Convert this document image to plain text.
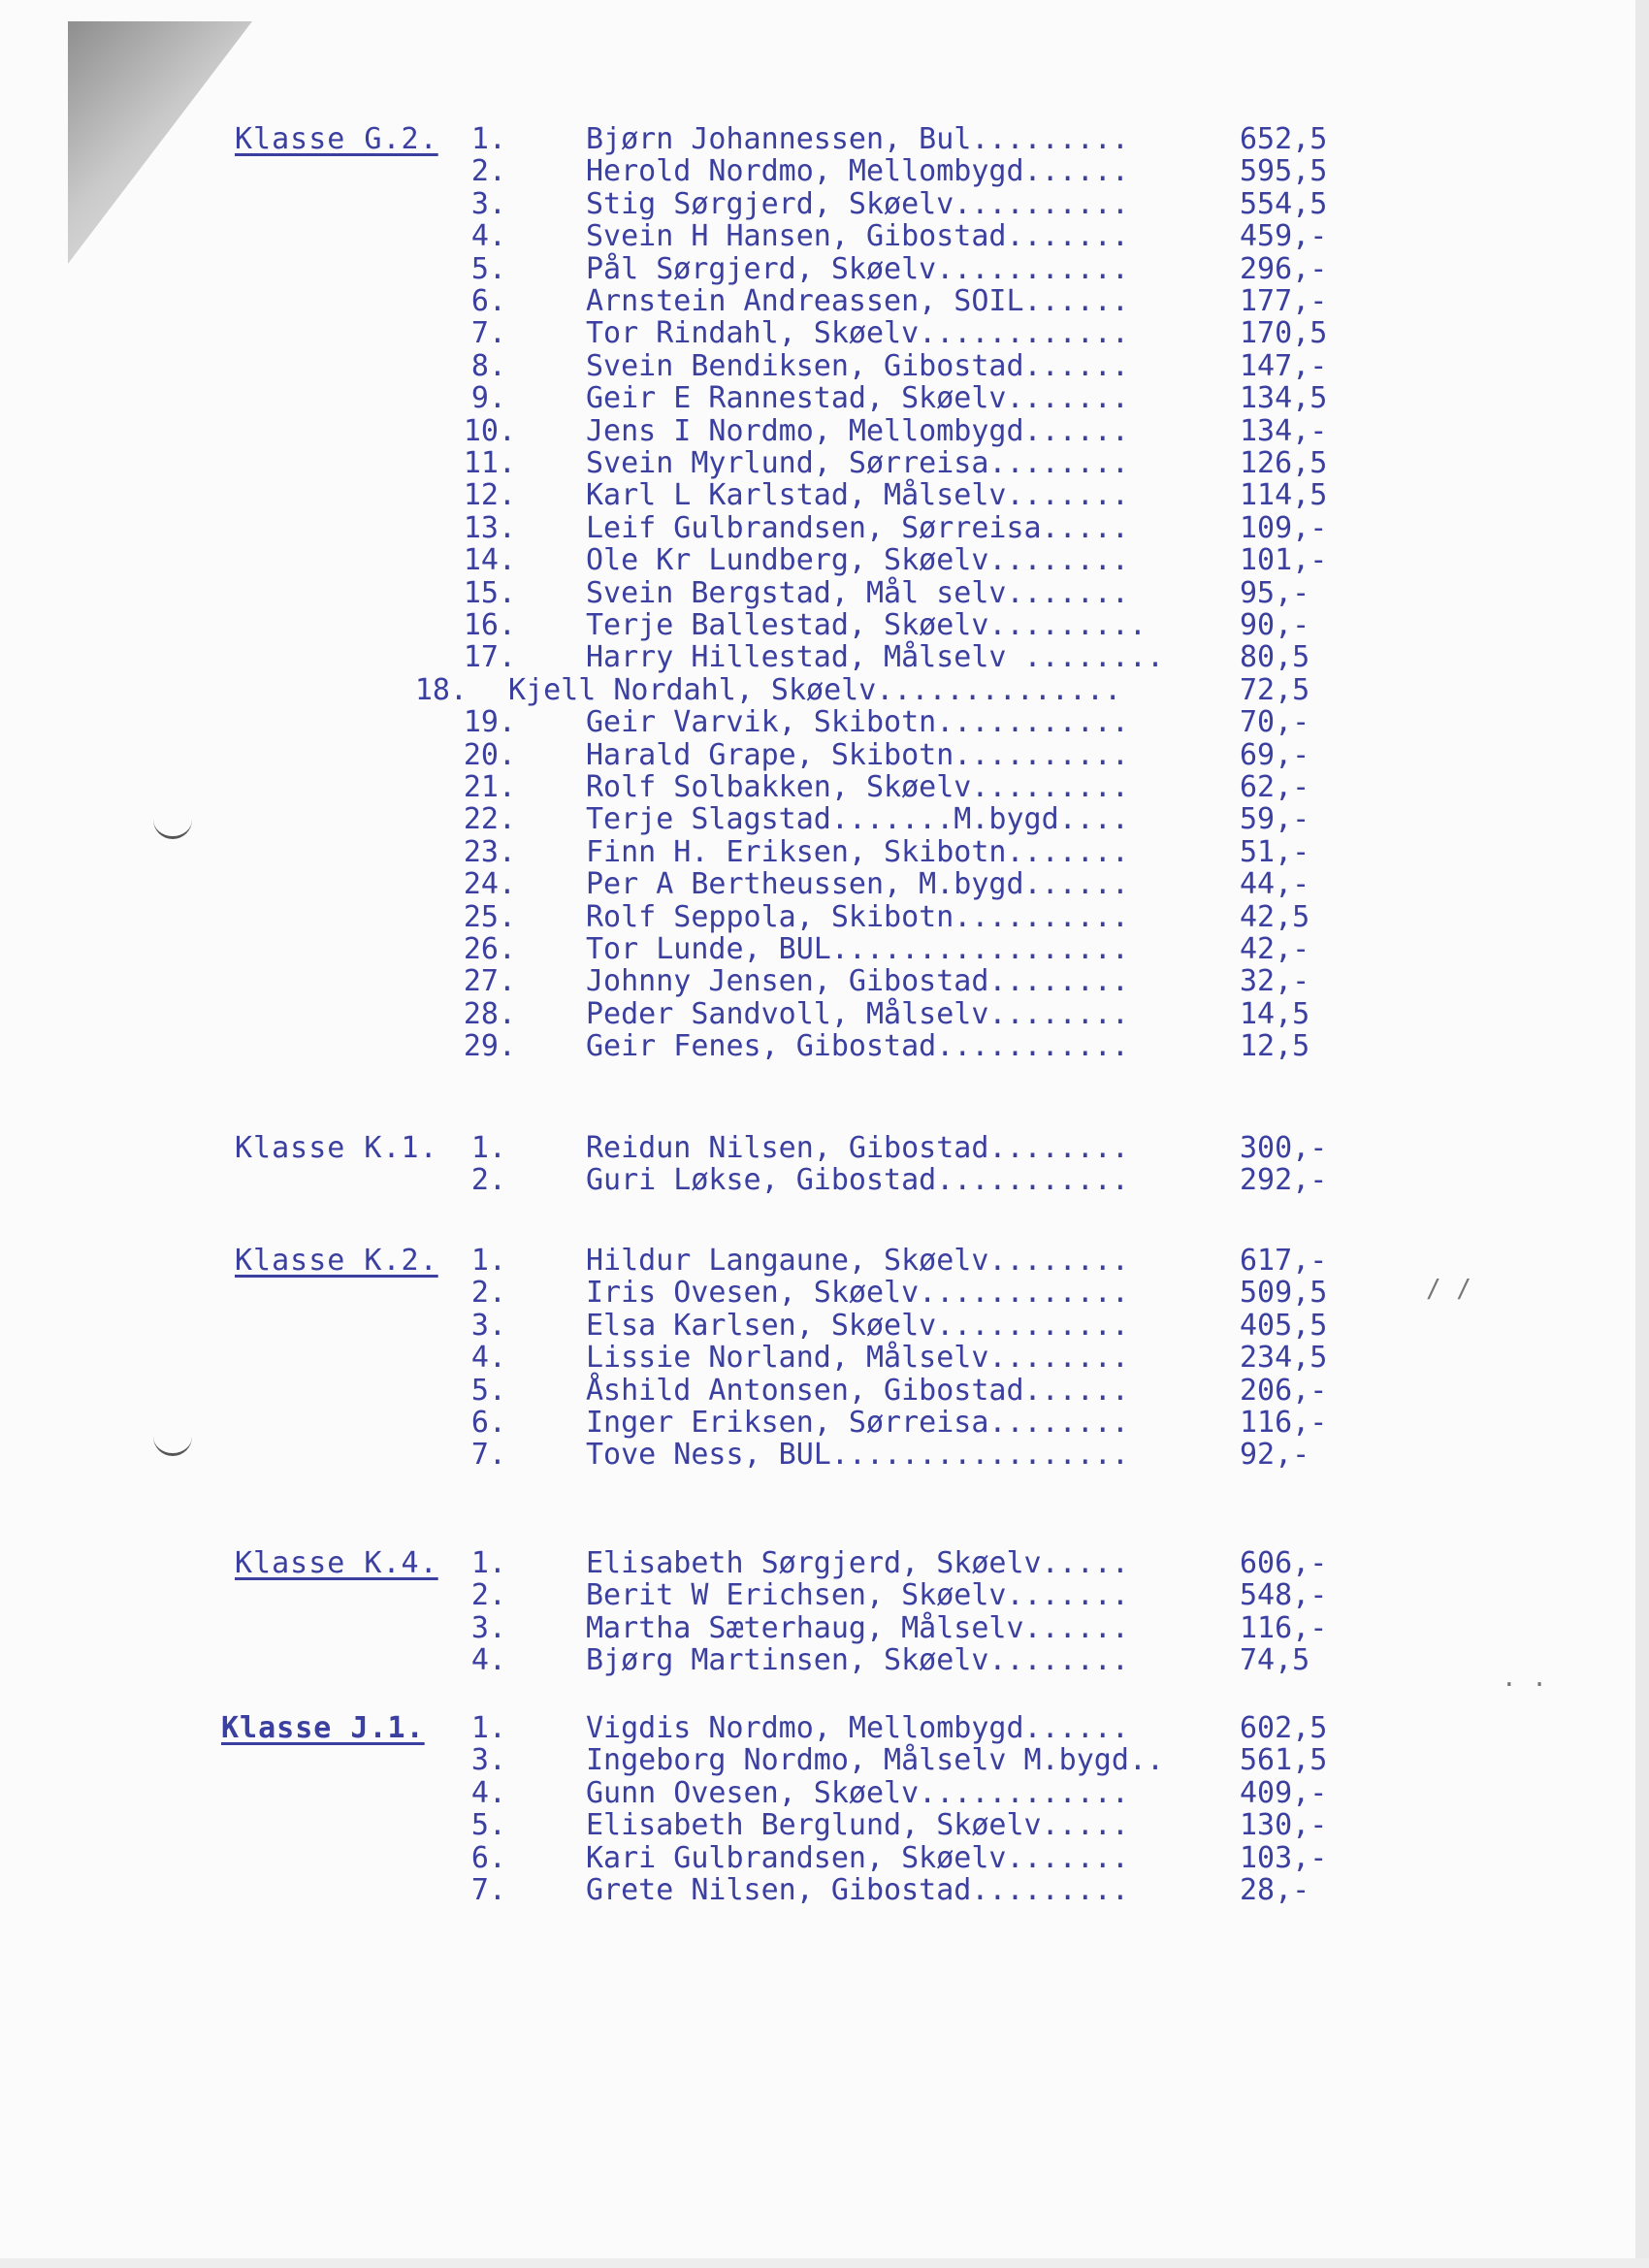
/ /
· ·
Klasse G.2. 1.	Bjørn Johannessen, Bul.........	652,5
2.	Herold Nordmo, Mellombygd......	595,5
3.	Stig Sørgjerd, Skøelv..........	554,5
4.	Svein H Hansen, Gibostad.......	459,-
5.	Pål Sørgjerd, Skøelv...........	296,-
6.	Arnstein Andreassen, SOIL......	177,-
7.	Tor Rindahl, Skøelv............	170,5
8.	Svein Bendiksen, Gibostad......	147,-
9.	Geir E Rannestad, Skøelv.......	134,5
10. Jens I Nordmo, Mellombygd......	134,-
11. Svein Myrlund, Sørreisa........	126,5
12. Karl L Karlstad, Målselv.......	114,5
13. Leif Gulbrandsen, Sørreisa.....	109,-
14. Ole Kr Lundberg, Skøelv........	101,-
15. Svein Bergstad, Mål selv.......	95,-
16. Terje Ballestad, Skøelv.........	90,-
17. Harry Hillestad, Målselv ........	80,5
18. Kjell Nordahl, Skøelv..............	72,5
19. Geir Varvik, Skibotn...........	70,-
20. Harald Grape, Skibotn..........	69,-
21. Rolf Solbakken, Skøelv.........	62,-
22. Terje Slagstad.......M.bygd....	59,-
23. Finn H. Eriksen, Skibotn.......	51,-
24. Per A Bertheussen, M.bygd......	44,-
25. Rolf Seppola, Skibotn..........	42,5
26. Tor Lunde, BUL.................	42,-
27. Johnny Jensen, Gibostad........	32,-
28. Peder Sandvoll, Målselv........	14,5
29. Geir Fenes, Gibostad...........	12,5
Klasse K.1. 1.	Reidun Nilsen, Gibostad........	300,-
2.	Guri Løkse, Gibostad...........	292,-
Klasse K.2. 1.	Hildur Langaune, Skøelv........	617,-
2.	Iris Ovesen, Skøelv............	509,5
3.	Elsa Karlsen, Skøelv...........	405,5
4.	Lissie Norland, Målselv........	234,5
5.	Åshild Antonsen, Gibostad......	206,-
6.	Inger Eriksen, Sørreisa........	116,-
7.	Tove Ness, BUL.................	92,-
Klasse K.4. 1.	Elisabeth Sørgjerd, Skøelv.....	606,-
2.	Berit W Erichsen, Skøelv.......	548,-
3.	Martha Sæterhaug, Målselv......	116,-
4.	Bjørg Martinsen, Skøelv........	74,5
Klasse J.1. 1.	Vigdis Nordmo, Mellombygd......	602,5
3.	Ingeborg Nordmo, Målselv M.bygd..	561,5
4.	Gunn Ovesen, Skøelv............	409,-
5.	Elisabeth Berglund, Skøelv.....	130,-
6.	Kari Gulbrandsen, Skøelv.......	103,-
7.	Grete Nilsen, Gibostad.........	28,-
